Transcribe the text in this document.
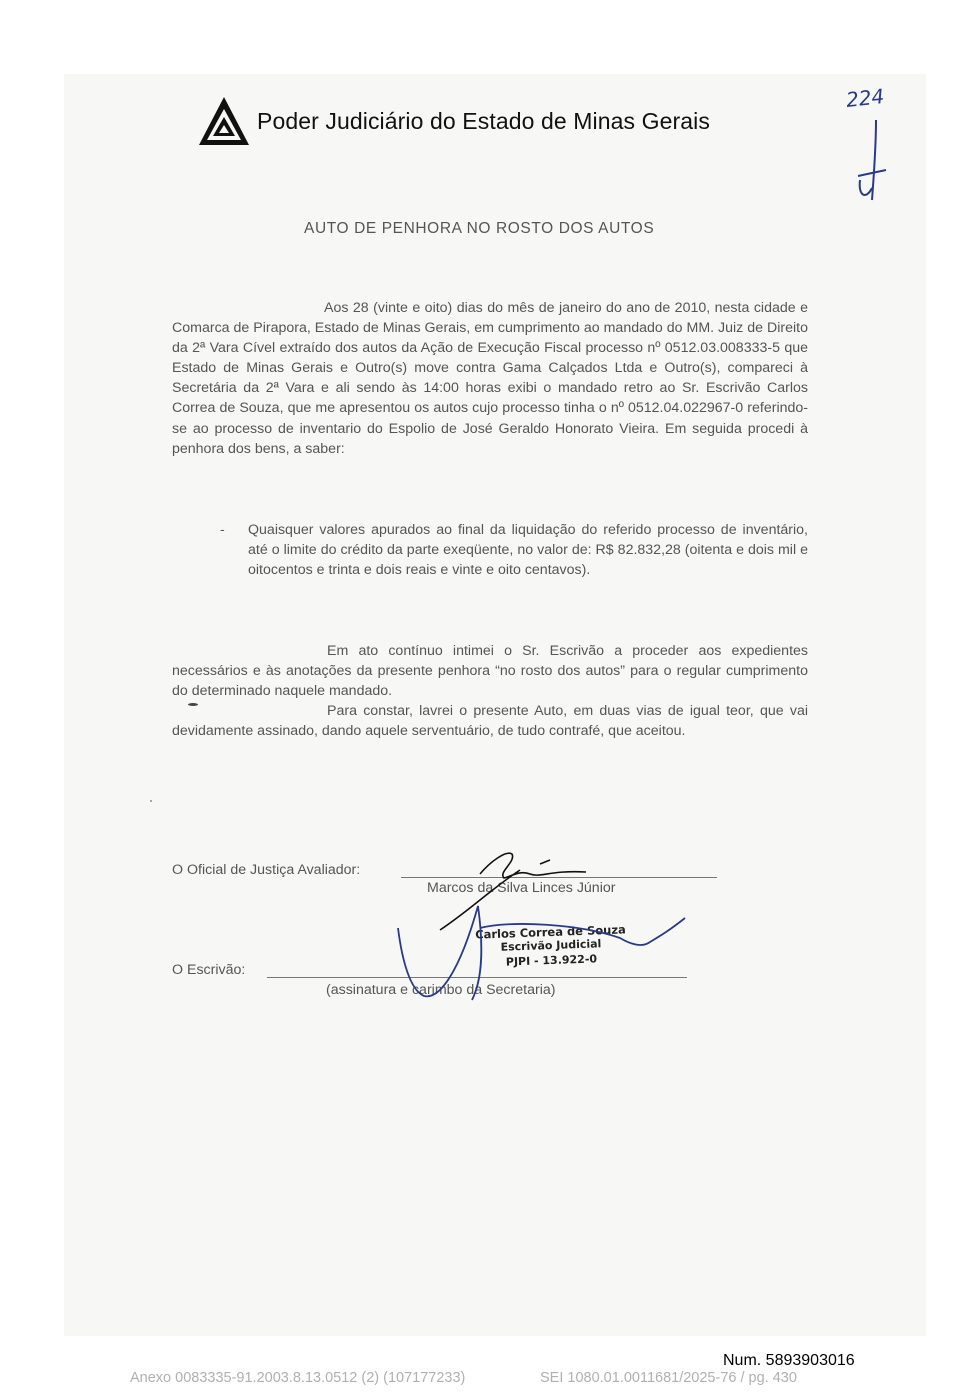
Poder Judiciário do Estado de Minas Gerais
224
AUTO DE PENHORA NO ROSTO DOS AUTOS

Aos 28 (vinte e oito) dias do mês de janeiro do ano de 2010, nesta cidade e Comarca de Pirapora, Estado de Minas Gerais, em cumprimento ao mandado do MM. Juiz de Direito da 2ª Vara Cível extraído dos autos da Ação de Execução Fiscal processo nº 0512.03.008333-5 que Estado de Minas Gerais e Outro(s) move contra Gama Calçados Ltda e Outro(s), compareci à Secretária da 2ª Vara e ali sendo às 14:00 horas exibi o mandado retro ao Sr. Escrivão Carlos Correa de Souza, que me apresentou os autos cujo processo tinha o nº 0512.04.022967-0 referindo-se ao processo de inventario do Espolio de José Geraldo Honorato Vieira. Em seguida procedi à penhora dos bens, a saber:

-	Quaisquer valores apurados ao final da liquidação do referido processo de inventário, até o limite do crédito da parte exeqüente, no valor de: R$ 82.832,28 (oitenta e dois mil e oitocentos e trinta e dois reais e vinte e oito centavos).

Em ato contínuo intimei o Sr. Escrivão a proceder aos expedientes necessários e às anotações da presente penhora “no rosto dos autos” para o regular cumprimento do determinado naquele mandado.

Para constar, lavrei o presente Auto, em duas vias de igual teor, que vai devidamente assinado, dando aquele serventuário, de tudo contrafé, que aceitou.

O Oficial de Justiça Avaliador:
Marcos da Silva Linces Júnior
Carlos Correa de Souza
Escrivão Judicial
PJPI - 13.922-0
O Escrivão:
(assinatura e carimbo da Secretaria)
Num. 5893903016
Anexo 0083335-91.2003.8.13.0512 (2) (107177233)	SEI 1080.01.0011681/2025-76 / pg. 430
